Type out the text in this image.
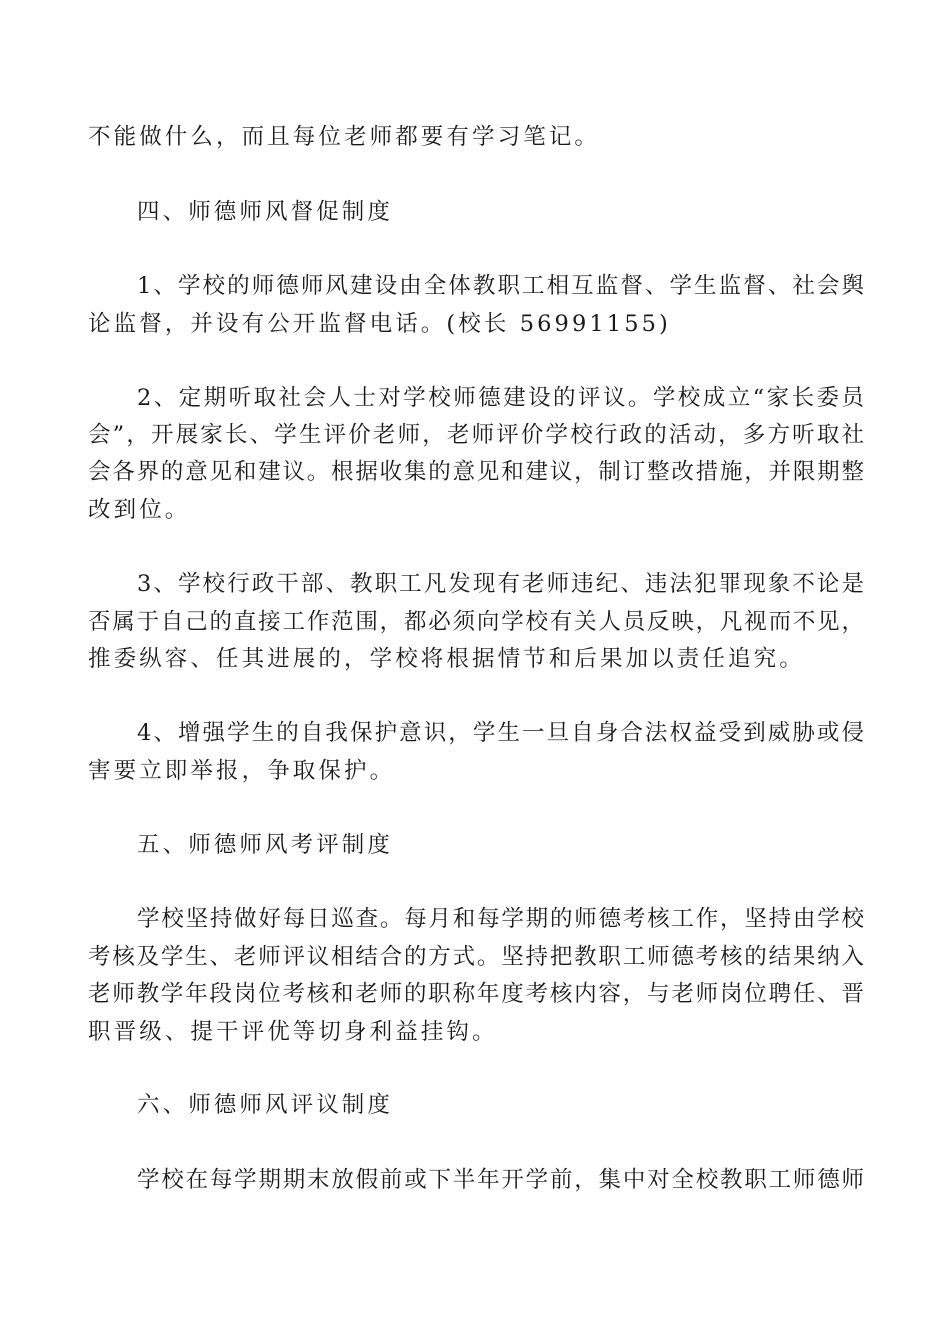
不能做什么，而且每位老师都要有学习笔记。
四、师德师风督促制度
1、学校的师德师风建设由全体教职工相互监督、学生监督、社会舆
论监督，并设有公开监督电话。(校长 56991155)
2、定期听取社会人士对学校师德建设的评议。学校成立“家长委员
会”，开展家长、学生评价老师，老师评价学校行政的活动，多方听取社
会各界的意见和建议。根据收集的意见和建议，制订整改措施，并限期整
改到位。
3、学校行政干部、教职工凡发现有老师违纪、违法犯罪现象不论是
否属于自己的直接工作范围，都必须向学校有关人员反映，凡视而不见，
推委纵容、任其进展的，学校将根据情节和后果加以责任追究。
4、增强学生的自我保护意识，学生一旦自身合法权益受到威胁或侵
害要立即举报，争取保护。
五、师德师风考评制度
学校坚持做好每日巡查。每月和每学期的师德考核工作，坚持由学校
考核及学生、老师评议相结合的方式。坚持把教职工师德考核的结果纳入
老师教学年段岗位考核和老师的职称年度考核内容，与老师岗位聘任、晋
职晋级、提干评优等切身利益挂钩。
六、师德师风评议制度
学校在每学期期末放假前或下半年开学前，集中对全校教职工师德师
